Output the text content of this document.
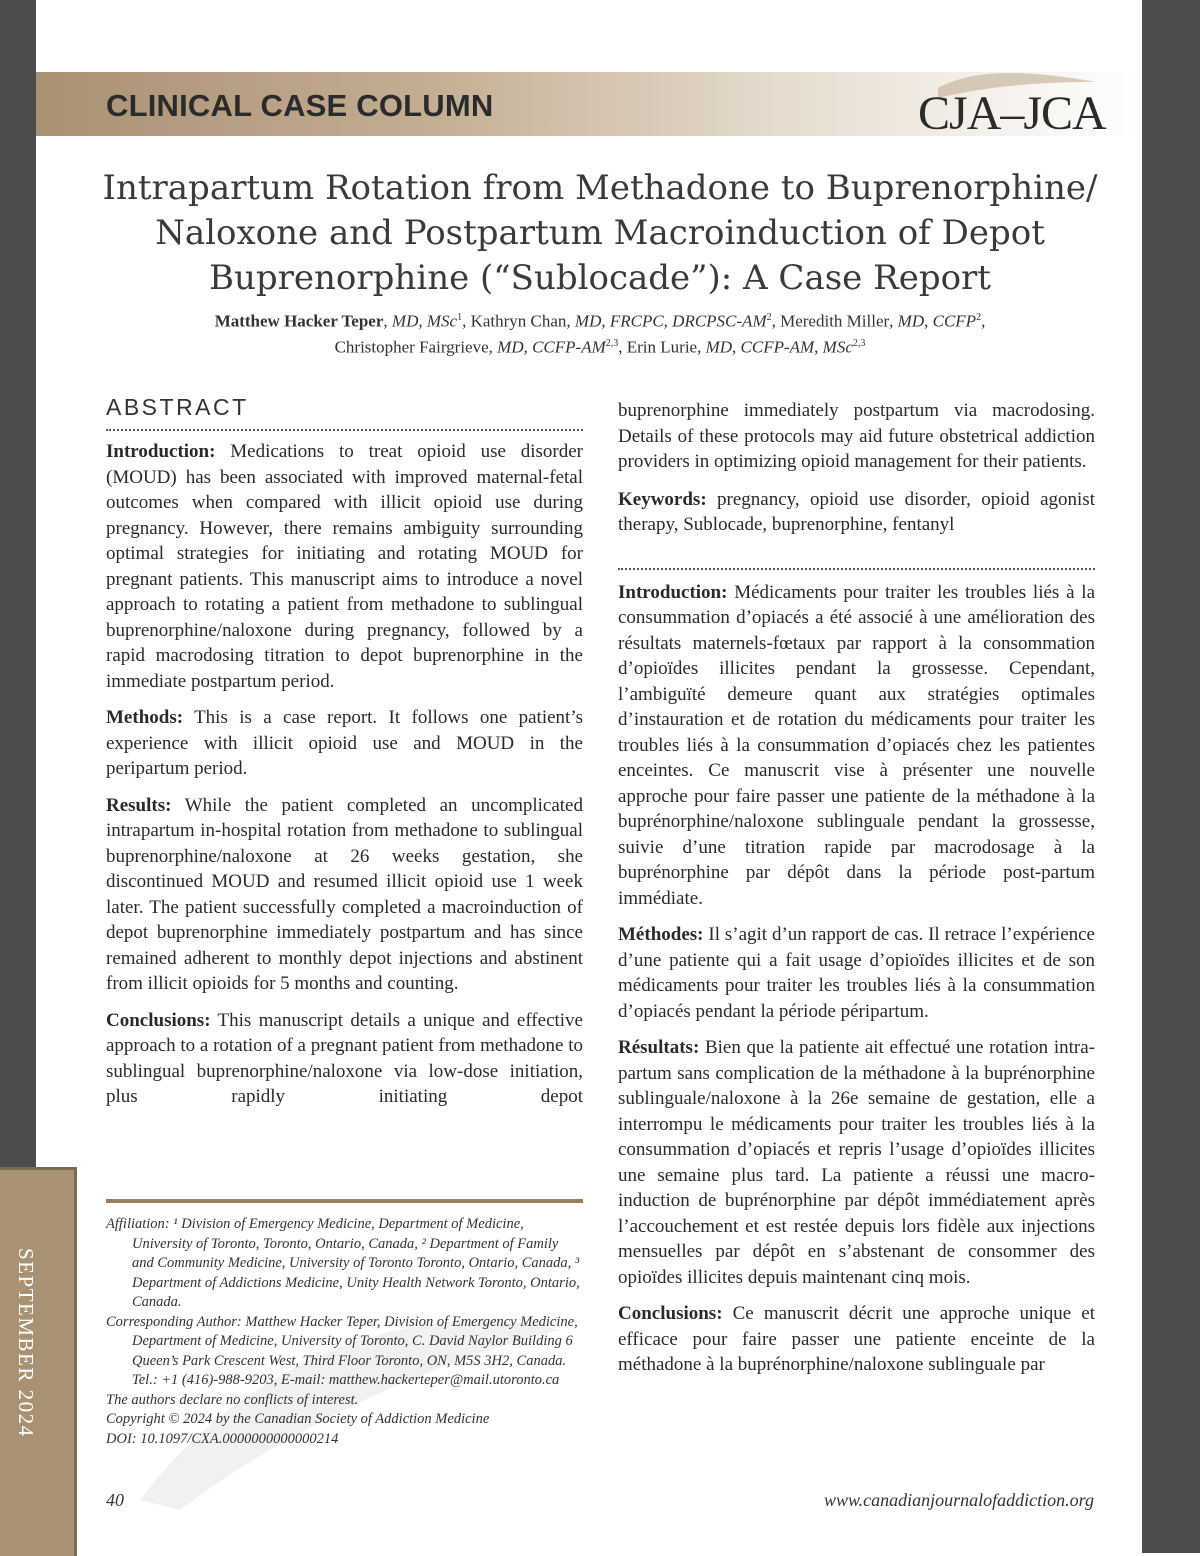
CLINICAL CASE COLUMN	CJA–JCA
Intrapartum Rotation from Methadone to Buprenorphine/ Naloxone and Postpartum Macroinduction of Depot Buprenorphine (“Sublocade”): A Case Report
Matthew Hacker Teper, MD, MSc$^1$, Kathryn Chan, MD, FRCPC, DRCPSC-$AM^2$, Meredith Miller, MD, CCFP$^2$,
Christopher Fairgrieve, MD, CCFP-AM$^{2,3}$, Erin Lurie, MD, CCFP-AM, MSc$^{2,3}$
ABSTRACT

Introduction: Medications to treat opioid use disorder (MOUD) has been associated with improved maternal-fetal outcomes when compared with illicit opioid use during pregnancy. However, there remains ambiguity surrounding optimal strategies for initiating and rotating MOUD for pregnant patients. This manuscript aims to introduce a novel approach to rotating a patient from methadone to sublingual buprenorphine/naloxone during pregnancy, followed by a rapid macrodosing titration to depot buprenorphine in the immediate postpartum period.

Methods: This is a case report. It follows one patient’s experience with illicit opioid use and MOUD in the peripartum period.

Results: While the patient completed an uncomplicated intrapartum in-hospital rotation from methadone to sublingual buprenorphine/naloxone at 26 weeks gestation, she discontinued MOUD and resumed illicit opioid use 1 week later. The patient successfully completed a macroinduction of depot buprenorphine immediately postpartum and has since remained adherent to monthly depot injections and abstinent from illicit opioids for 5 months and counting.

Conclusions: This manuscript details a unique and effective approach to a rotation of a pregnant patient from methadone to sublingual buprenorphine/naloxone via low-dose initiation, plus rapidly initiating depot

buprenorphine immediately postpartum via macrodosing. Details of these protocols may aid future obstetrical addiction providers in optimizing opioid management for their patients.

Keywords: pregnancy, opioid use disorder, opioid agonist therapy, Sublocade, buprenorphine, fentanyl

Introduction: Médicaments pour traiter les troubles liés à la consummation d’opiacés a été associé à une amélioration des résultats maternels-fœtaux par rapport à la consommation d’opioïdes illicites pendant la grossesse. Cependant, l’ambiguïté demeure quant aux stratégies optimales d’instauration et de rotation du médicaments pour traiter les troubles liés à la consummation d’opiacés chez les patientes enceintes. Ce manuscrit vise à présenter une nouvelle approche pour faire passer une patiente de la méthadone à la buprénorphine/naloxone sublinguale pendant la grossesse, suivie d’une titration rapide par macrodosage à la buprénorphine par dépôt dans la période post-partum immédiate.

Méthodes: Il s’agit d’un rapport de cas. Il retrace l’expérience d’une patiente qui a fait usage d’opioïdes illicites et de son médicaments pour traiter les troubles liés à la consummation d’opiacés pendant la période péripartum.

Résultats: Bien que la patiente ait effectué une rotation intra-partum sans complication de la méthadone à la buprénorphine sublinguale/naloxone à la 26e semaine de gestation, elle a interrompu le médicaments pour traiter les troubles liés à la consummation d’opiacés et repris l’usage d’opioïdes illicites une semaine plus tard. La patiente a réussi une macro-induction de buprénorphine par dépôt immédiatement après l’accouchement et est restée depuis lors fidèle aux injections mensuelles par dépôt en s’abstenant de consommer des opioïdes illicites depuis maintenant cinq mois.

Conclusions: Ce manuscrit décrit une approche unique et efficace pour faire passer une patiente enceinte de la méthadone à la buprénorphine/naloxone sublinguale par

Affiliation: ¹ Division of Emergency Medicine, Department of Medicine, University of Toronto, Toronto, Ontario, Canada, ² Department of Family and Community Medicine, University of Toronto Toronto, Ontario, Canada, ³ Department of Addictions Medicine, Unity Health Network Toronto, Ontario, Canada.

Corresponding Author: Matthew Hacker Teper, Division of Emergency Medicine, Department of Medicine, University of Toronto, C. David Naylor Building 6 Queen’s Park Crescent West, Third Floor Toronto, ON, M5S 3H2, Canada. Tel.: +1 (416)-988-9203, E-mail: matthew.hackerteper@mail.utoronto.ca

The authors declare no conflicts of interest.

Copyright © 2024 by the Canadian Society of Addiction Medicine

DOI: 10.1097/CXA.0000000000000214

SEPTEMBER 2024
40	www.canadianjournalofaddiction.org
